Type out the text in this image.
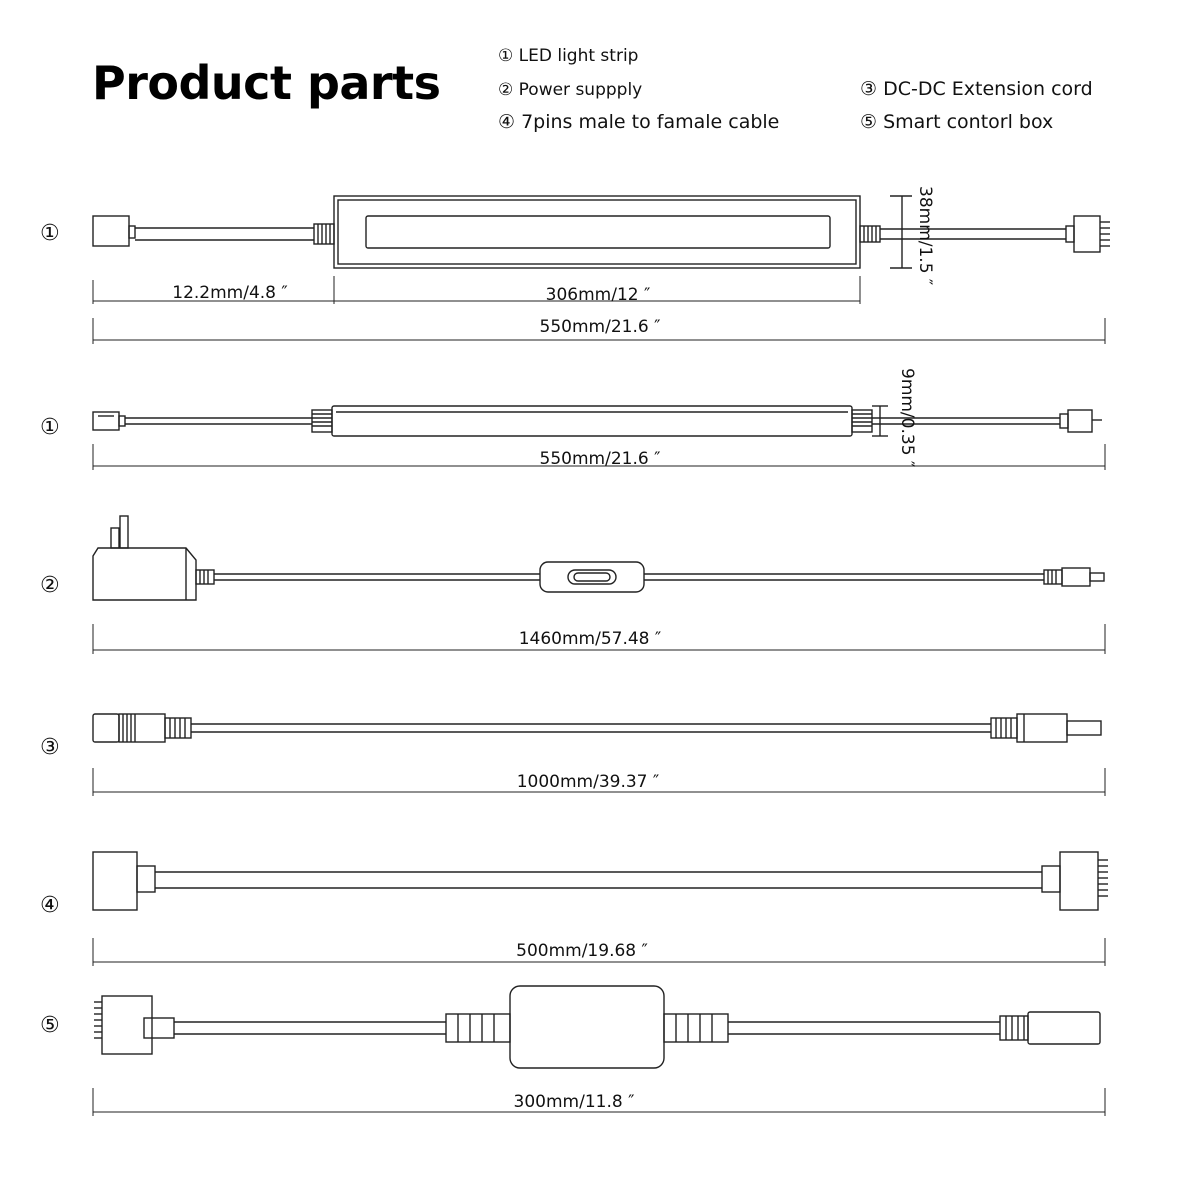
Product parts	① LED light strip
② Power suppply	③ DC-DC Extension cord
④ 7pins male to famale cable	⑤ Smart contorl box
①
①
②
③
④
⑤
12.2mm/4.8 ″	306mm/12 ″
550mm/21.6 ″
550mm/21.6 ″
1460mm/57.48 ″
1000mm/39.37 ″
500mm/19.68 ″
300mm/11.8 ″
38mm/1.5 ″
9mm/0.35 ″
